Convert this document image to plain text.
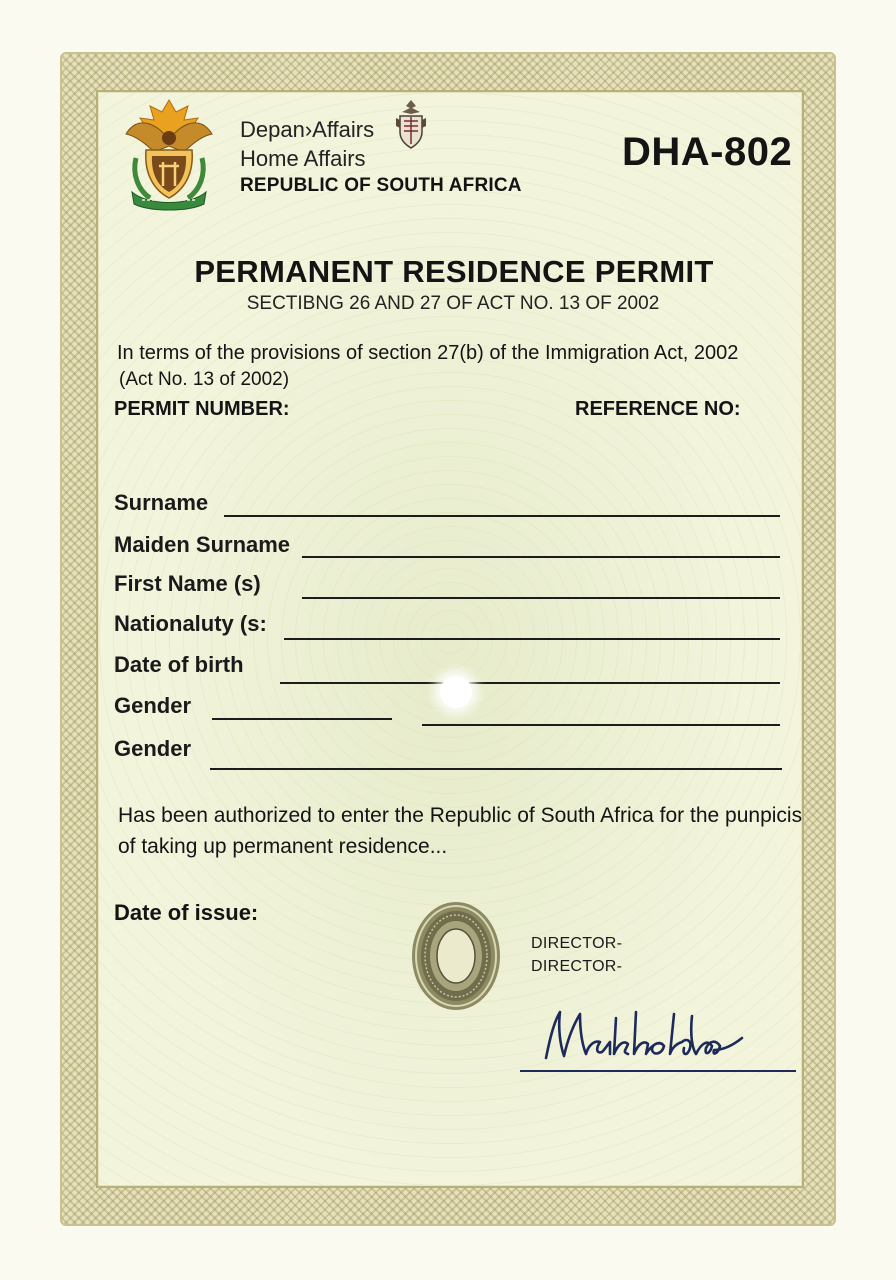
Depan›Affairs
Home Affairs
REPUBLIC OF SOUTH AFRICA
DHA-802
PERMANENT RESIDENCE PERMIT
SECTIBNG 26 AND 27 OF ACT NO. 13 OF 2002
In terms of the provisions of section 27(b) of the Immigration Act, 2002
(Act No. 13 of 2002)
PERMIT NUMBER:	REFERENCE NO:
Surname
Maiden Surname
First Name (s)
Nationaluty (s:
Date of birth
Gender
Gender
Has been authorized to enter the Republic of South Africa for the punpicis
of taking up permanent residence...
Date of issue:
DIRECTOR-
DIRECTOR-
